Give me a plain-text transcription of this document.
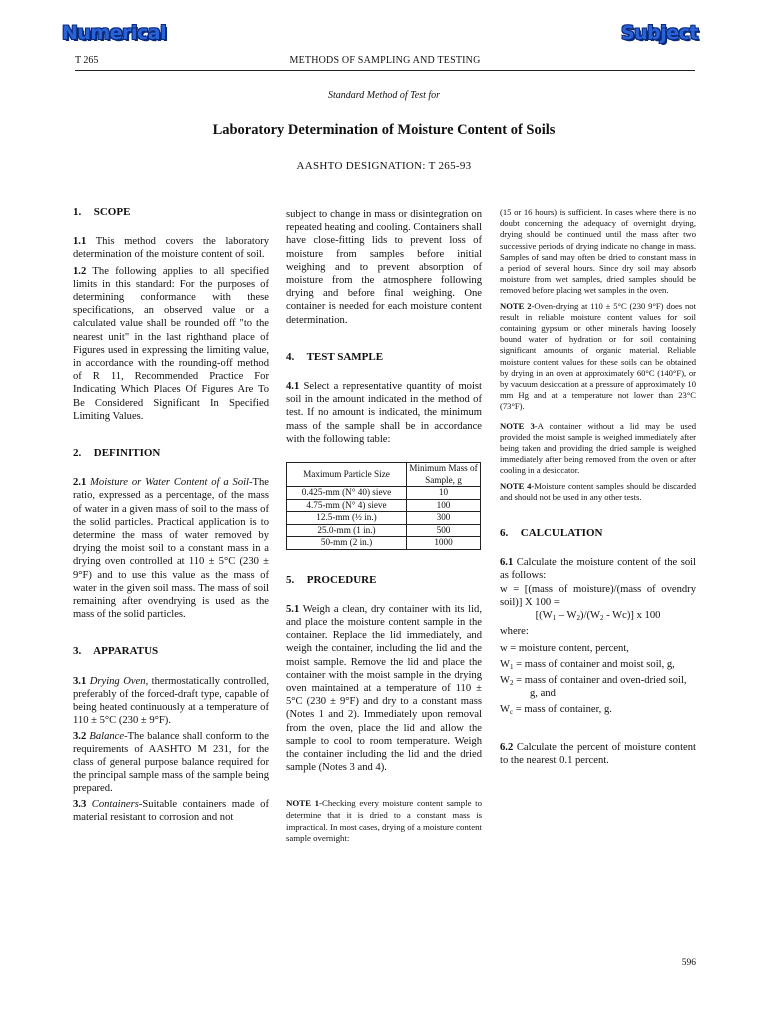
Numerical	Subject
METHODS OF SAMPLING AND TESTING
T 265
Standard Method of Test for
Laboratory Determination of Moisture Content of Soils
AASHTO DESIGNATION: T 265-93
1. SCOPE

1.1 This method covers the laboratory determination of the moisture content of soil.

1.2 The following applies to all specified limits in this standard: For the purposes of determining conformance with these specifications, an observed value or a calculated value shall be rounded off "to the nearest unit" in the last righthand place of Figures used in expressing the limiting value, in accordance with the rounding-off method of R 11, Recommended Practice For Indicating Which Places Of Figures Are To Be Considered Significant In Specified Limiting Values.

2. DEFINITION

2.1 Moisture or Water Content of a Soil-The ratio, expressed as a percentage, of the mass of water in a given mass of soil to the mass of the solid particles. Practical application is to determine the mass of water removed by drying the moist soil to a constant mass in a drying oven controlled at 110 ± 5°C (230 ± 9°F) and to use this value as the mass of water in the given soil mass. The mass of soil remaining after ovendrying is used as the mass of the solid particles.

3. APPARATUS

3.1 Drying Oven, thermostatically controlled, preferably of the forced-draft type, capable of being heated continuously at a temperature of 110 ± 5°C (230 ± 9°F).

3.2 Balance-The balance shall conform to the requirements of AASHTO M 231, for the class of general purpose balance required for the principal sample mass of the sample being prepared.

3.3 Containers-Suitable containers made of material resistant to corrosion and not

subject to change in mass or disintegration on repeated heating and cooling. Containers shall have close-fitting lids to prevent loss of moisture from samples before initial weighing and to prevent absorption of moisture from the atmosphere following drying and before final weighing. One container is needed for each moisture content determination.

4. TEST SAMPLE

4.1 Select a representative quantity of moist soil in the amount indicated in the method of test. If no amount is indicated, the minimum mass of the sample shall be in accordance with the following table:

Maximum Particle Size	Minimum Mass of Sample, g
0.425-mm (N° 40) sieve	10
4.75-mm (N° 4) sieve	100
12.5-mm (½ in.)	300
25.0-mm (1 in.)	500
50-mm (2 in.)	1000
5. PROCEDURE

5.1 Weigh a clean, dry container with its lid, and place the moisture content sample in the container. Replace the lid immediately, and weigh the container, including the lid and the moist sample. Remove the lid and place the container with the moist sample in the drying oven maintained at a temperature of 110 ± 5°C (230 ± 9°F) and dry to a constant mass (Notes 1 and 2). Immediately upon removal from the oven, place the lid and allow the sample to cool to room temperature. Weigh the container including the lid and the dried sample (Notes 3 and 4).

NOTE 1-Checking every moisture content sample to determine that it is dried to a constant mass is impractical. In most cases, drying of a moisture content sample overnight:

(15 or 16 hours) is sufficient. In cases where there is no doubt concerning the adequacy of overnight drying, drying should be continued until the mass after two successive periods of drying indicate no change in mass. Samples of sand may often be dried to constant mass in a period of several hours. Since dry soil may absorb moisture from wet samples, dried samples should be removed before placing wet samples in the oven.

NOTE 2-Oven-drying at 110 ± 5°C (230 9°F) does not result in reliable moisture content values for soil containing gypsum or other minerals having loosely bound water of hydration or for soil containing significant amounts of organic material. Reliable moisture content values for these soils can be obtained by drying in an oven at approximately 60°C (140°F), or by vacuum desiccation at a pressure of approximately 10 mm Hg and at a temperature not lower than 23°C (73°F).

NOTE 3-A container without a lid may be used provided the moist sample is weighed immediately after being taken and providing the dried sample is weighed immediately after being removed from the oven or after cooling in a desiccator.

NOTE 4-Moisture content samples should be discarded and should not be used in any other tests.

6. CALCULATION

6.1 Calculate the moisture content of the soil as follows:

w = [(mass of moisture)/(mass of ovendry soil)] X 100 =

$[(W_1 - W_2)/(W_2 - Wc)]$ x 100

where:

w = moisture content, percent,

$W_1$ = mass of container and moist soil, g,

$W_2$ = mass of container and oven-dried soil, g, and

$W_c$ = mass of container, g.

6.2 Calculate the percent of moisture content to the nearest 0.1 percent.

596
